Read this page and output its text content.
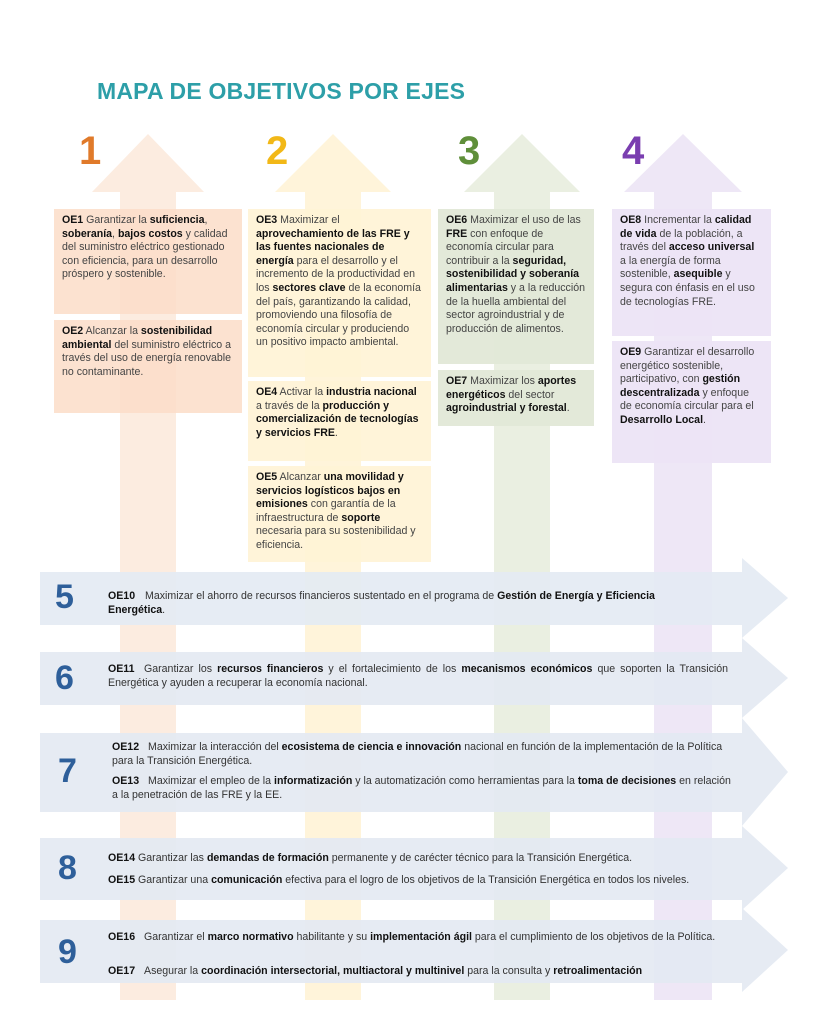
MAPA DE OBJETIVOS POR EJES
1	2	3	4
OE1 Garantizar la suficiencia, soberanía, bajos costos y calidad del suministro eléctrico gestionado con eficiencia, para un desarrollo próspero y sostenible.
OE2 Alcanzar la sostenibilidad ambiental del suministro eléctrico a través del uso de energía renovable no contaminante.
OE3 Maximizar el aprovechamiento de las FRE y las fuentes nacionales de energía para el desarrollo y el incremento de la productividad en los sectores clave de la economía del país, garantizando la calidad, promoviendo una filosofía de economía circular y produciendo un positivo impacto ambiental.
OE4 Activar la industria nacional a través de la producción y comercialización de tecnologías y servicios FRE.
OE5 Alcanzar una movilidad y servicios logísticos bajos en emisiones con garantía de la infraestructura de soporte necesaria para su sostenibilidad y eficiencia.
OE6 Maximizar el uso de las FRE con enfoque de economía circular para contribuir a la seguridad, sostenibilidad y soberanía alimentarias y a la reducción de la huella ambiental del sector agroindustrial y de producción de alimentos.
OE7 Maximizar los aportes energéticos del sector agroindustrial y forestal.
OE8 Incrementar la calidad de vida de la población, a través del acceso universal a la energía de forma sostenible, asequible y segura con énfasis en el uso de tecnologías FRE.
OE9 Garantizar el desarrollo energético sostenible, participativo, con gestión descentralizada y enfoque de economía circular para el Desarrollo Local.
5	OE10 Maximizar el ahorro de recursos financieros sustentado en el programa de Gestión de Energía y Eficiencia Energética.
6	OE11 Garantizar los recursos financieros y el fortalecimiento de los mecanismos económicos que soporten la Transición Energética y ayuden a recuperar la economía nacional.
7
OE12 Maximizar la interacción del ecosistema de ciencia e innovación nacional en función de la implementación de la Política para la Transición Energética.
OE13 Maximizar el empleo de la informatización y la automatización como herramientas para la toma de decisiones en relación a la penetración de las FRE y la EE.
8	OE14 Garantizar las demandas de formación permanente y de carécter técnico para la Transición Energética.
OE15 Garantizar una comunicación efectiva para el logro de los objetivos de la Transición Energética en todos los niveles.
9	OE16 Garantizar el marco normativo habilitante y su implementación ágil para el cumplimiento de los objetivos de la Política.
OE17 Asegurar la coordinación intersectorial, multiactoral y multinivel para la consulta y retroalimentación
